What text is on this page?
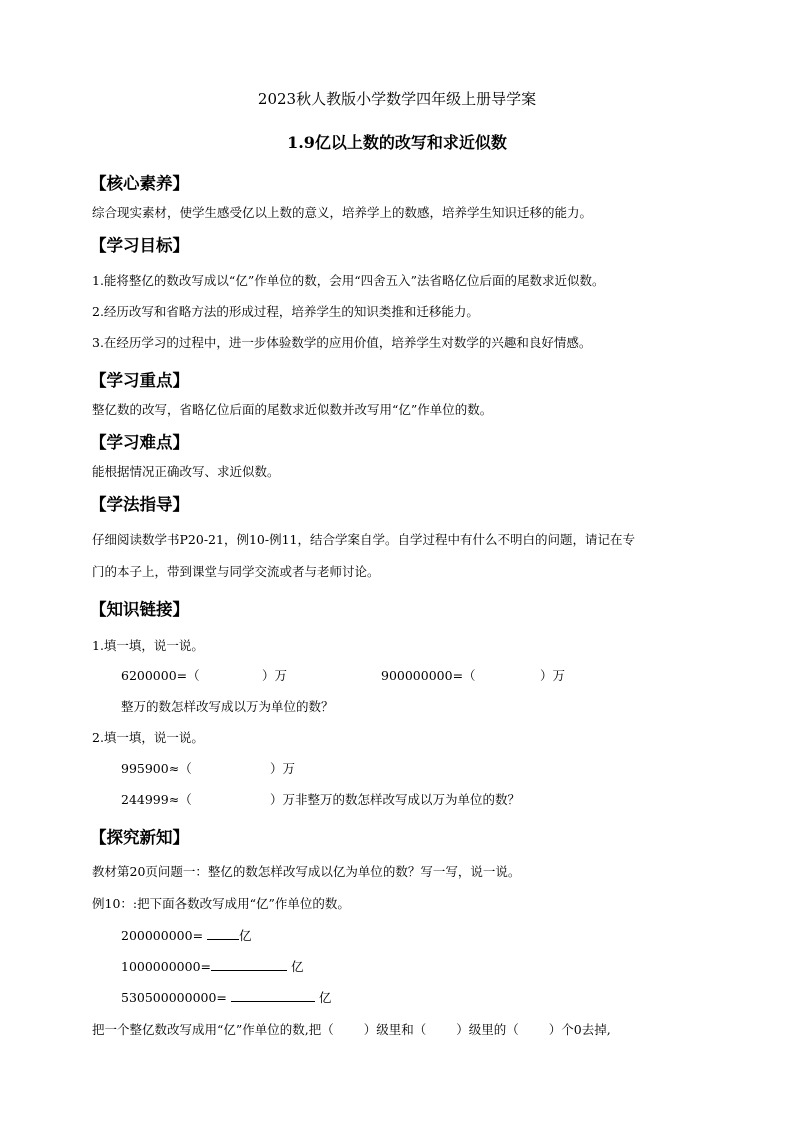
2023秋人教版小学数学四年级上册导学案
1.9亿以上数的改写和求近似数
【核心素养】
综合现实素材，使学生感受亿以上数的意义，培养学上的数感，培养学生知识迁移的能力。
【学习目标】
1.能将整亿的数改写成以“亿”作单位的数，会用“四舍五入”法省略亿位后面的尾数求近似数。
2.经历改写和省略方法的形成过程，培养学生的知识类推和迁移能力。
3.在经历学习的过程中，进一步体验数学的应用价值，培养学生对数学的兴趣和良好情感。
【学习重点】
整亿数的改写，省略亿位后面的尾数求近似数并改写用“亿”作单位的数。
【学习难点】
能根据情况正确改写、求近似数。
【学法指导】
仔细阅读数学书P20-21，例10-例11，结合学案自学。自学过程中有什么不明白的问题，请记在专
门的本子上，带到课堂与同学交流或者与老师讨论。
【知识链接】
1.填一填，说一说。
6200000=（	）万	900000000=（	）万
整万的数怎样改写成以万为单位的数？
2.填一填，说一说。
995900≈（	）万
244999≈（	）万非整万的数怎样改写成以万为单位的数？
【探究新知】
教材第20页问题一：整亿的数怎样改写成以亿为单位的数？写一写，说一说。
例10：:把下面各数改写成用“亿”作单位的数。
200000000=	亿
1000000000=	亿
530500000000=	亿
把一个整亿数改写成用“亿”作单位的数,把（ ）级里和（ ）级里的（ ）个0去掉,
